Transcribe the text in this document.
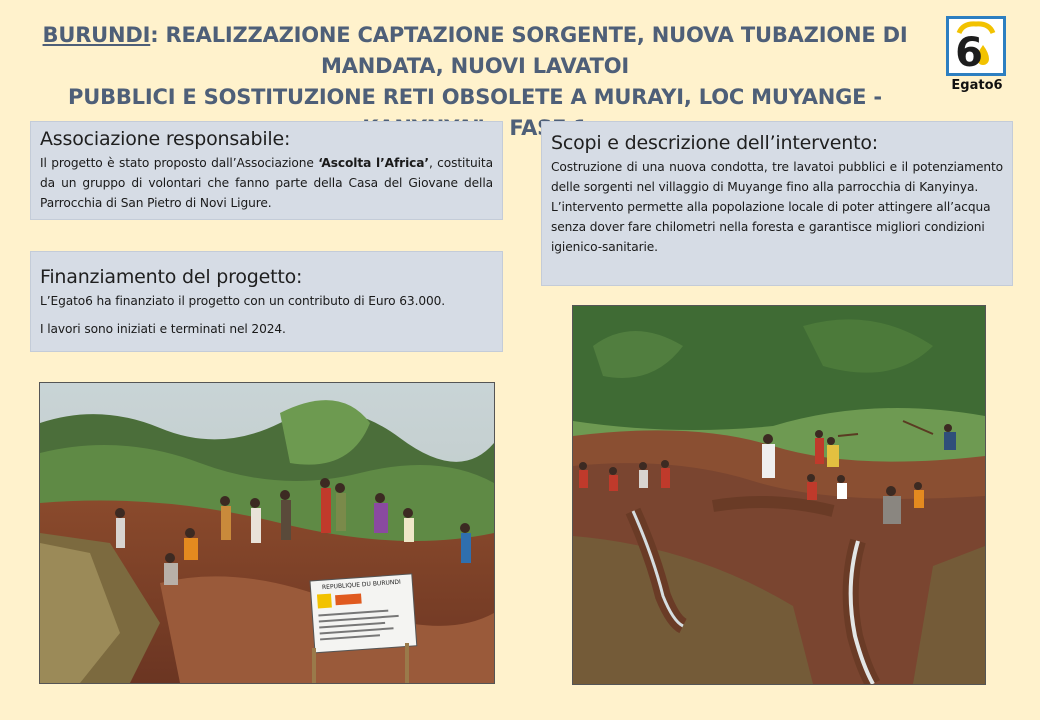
BURUNDI: REALIZZAZIONE CAPTAZIONE SORGENTE, NUOVA TUBAZIONE DI MANDATA, NUOVI LAVATOI
PUBBLICI E SOSTITUZIONE RETI OBSOLETE A MURAYI, LOC MUYANGE - FASE
6
Egato6
Associazione responsabile:

Il progetto è stato proposto dall’Associazione ‘Ascolta l’Africa’, costituita da un gruppo di volontari che fanno parte della Casa del Giovane della Parrocchia di San Pietro di Novi Ligure.

Finanziamento del progetto:

L’Egato6 ha finanziato il progetto con un contributo di Euro 63.000.

I lavori sono iniziati e terminati nel 2024.

Scopi e descrizione dell’intervento:

Costruzione di una nuova condotta, tre lavatoi pubblici e il potenziamento delle sorgenti nel villaggio di Muyange fino alla parrocchia di Kanyinya.

L’intervento permette alla popolazione locale di poter attingere all’acqua senza dover fare chilometri nella foresta e garantisce migliori condizioni igienico-sanitarie.

REPUBLIQUE DU BURUNDI
